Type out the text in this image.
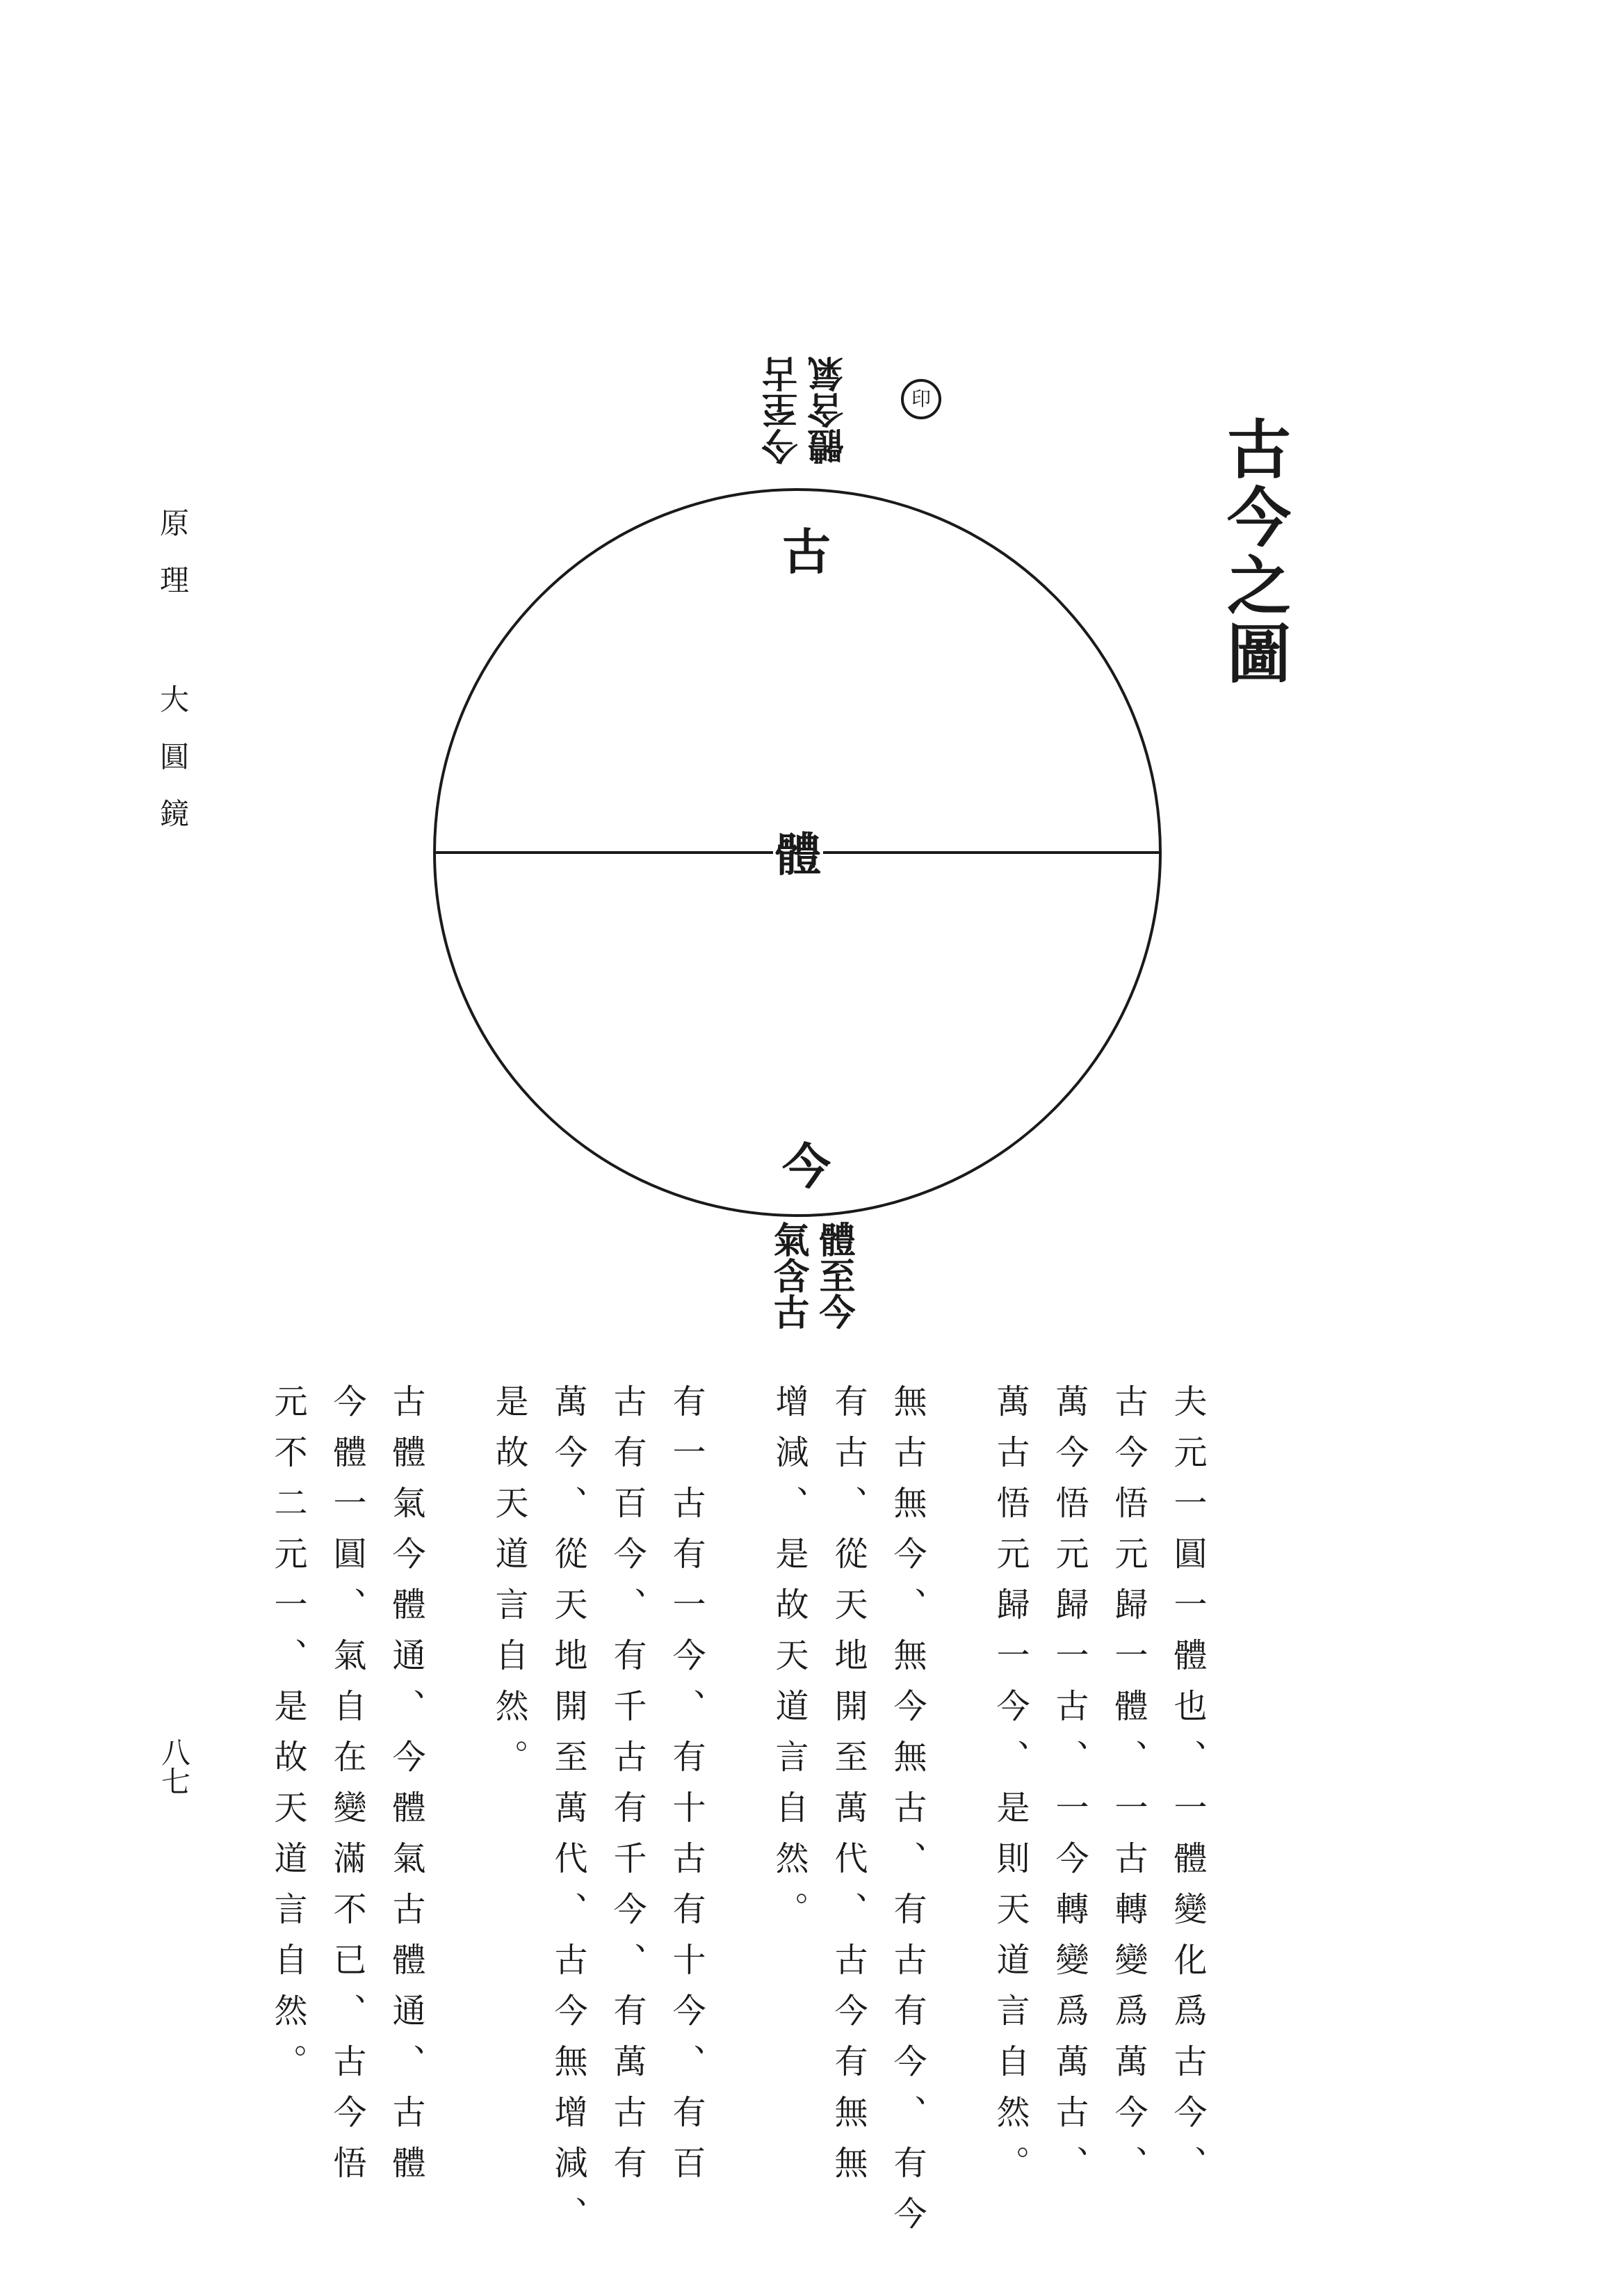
古
體
今
古今之圖
原理 大圓鏡
八七
印
今至古 體含氣
體至今
氣含古
夫元一圓一體也、一體變化爲古今、
古今悟元歸一體、一古轉變爲萬今、
萬今悟元歸一古、一今轉變爲萬古、
萬古悟元歸一今、是則天道言自然。
無古無今、無今無古、有古有今、有今
有古、從天地開至萬代、古今有無無
增減、是故天道言自然。
有一古有一今、有十古有十今、有百
古有百今、有千古有千今、有萬古有
萬今、從天地開至萬代、古今無增減、
是故天道言自然。
古體氣今體通、今體氣古體通、古體
今體一圓、氣自在變滿不已、古今悟
元不二元一、是故天道言自然。
